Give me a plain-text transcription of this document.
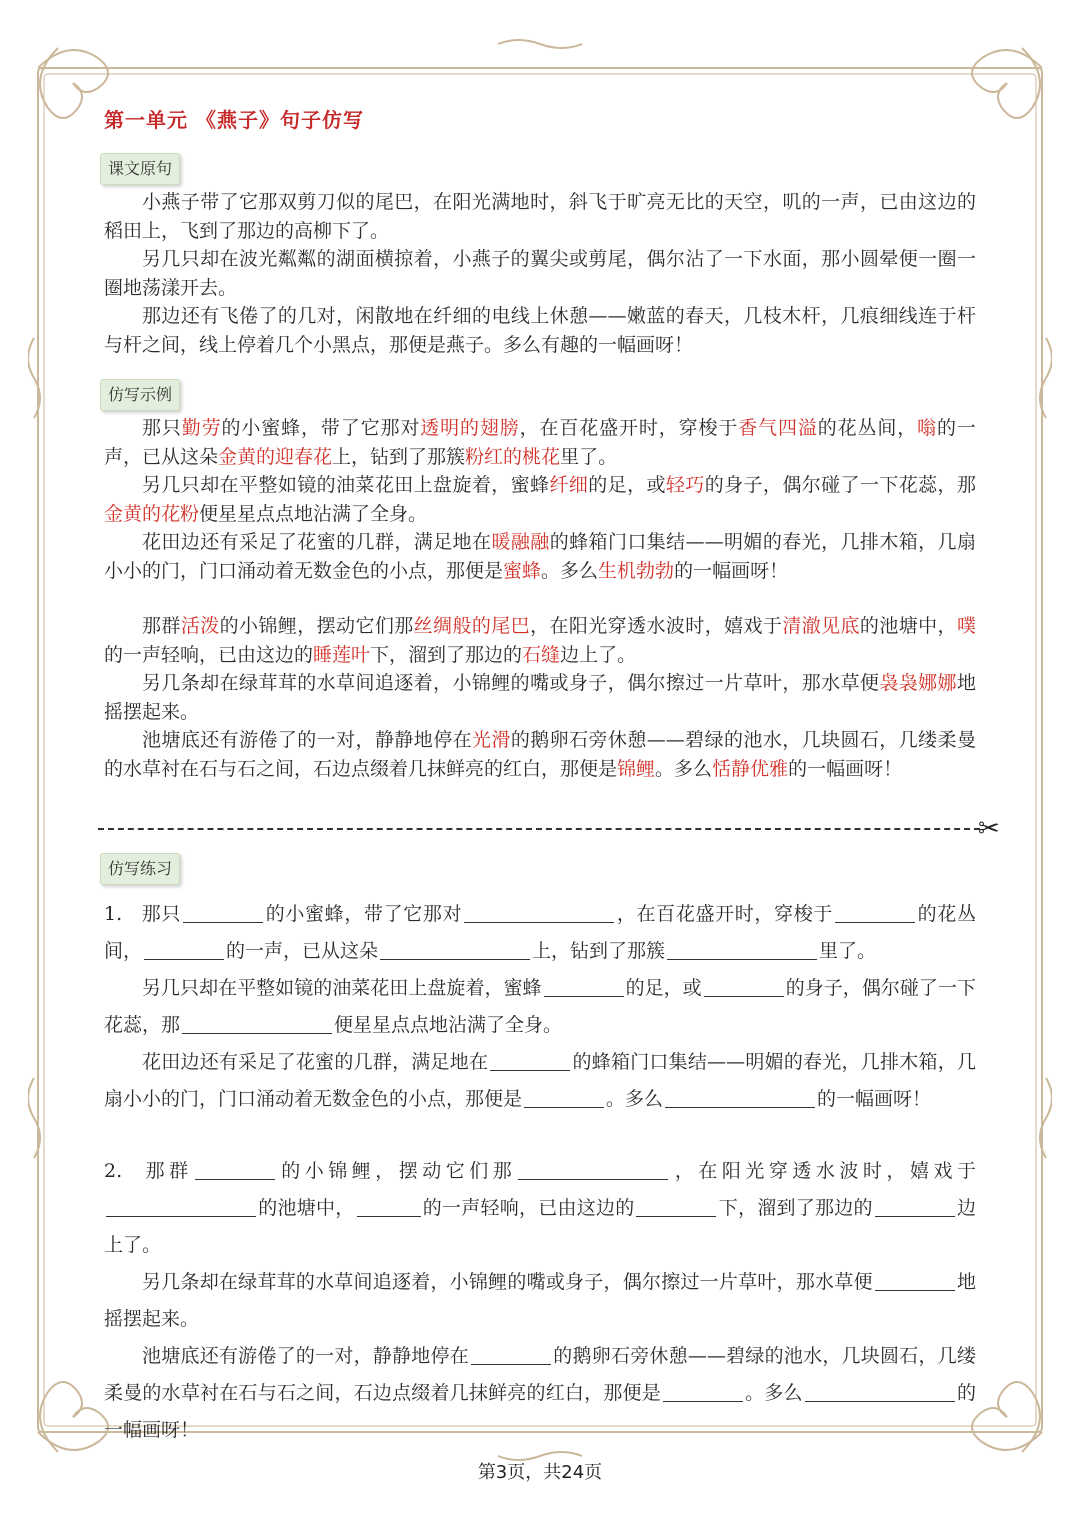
第一单元 《燕子》句子仿写
课文原句

小燕子带了它那双剪刀似的尾巴，在阳光满地时，斜飞于旷亮无比的天空，叽的一声，已由这边的稻田上，飞到了那边的高柳下了。

另几只却在波光粼粼的湖面横掠着，小燕子的翼尖或剪尾，偶尔沾了一下水面，那小圆晕便一圈一圈地荡漾开去。

那边还有飞倦了的几对，闲散地在纤细的电线上休憩——嫩蓝的春天，几枝木杆，几痕细线连于杆与杆之间，线上停着几个小黑点，那便是燕子。多么有趣的一幅画呀！

仿写示例

那只勤劳的小蜜蜂，带了它那对透明的翅膀，在百花盛开时，穿梭于香气四溢的花丛间，嗡的一声，已从这朵金黄的迎春花上，钻到了那簇粉红的桃花里了。

另几只却在平整如镜的油菜花田上盘旋着，蜜蜂纤细的足，或轻巧的身子，偶尔碰了一下花蕊，那金黄的花粉便星星点点地沾满了全身。

花田边还有采足了花蜜的几群，满足地在暖融融的蜂箱门口集结——明媚的春光，几排木箱，几扇小小的门，门口涌动着无数金色的小点，那便是蜜蜂。多么生机勃勃的一幅画呀！

那群活泼的小锦鲤，摆动它们那丝绸般的尾巴，在阳光穿透水波时，嬉戏于清澈见底的池塘中，噗的一声轻响，已由这边的睡莲叶下，溜到了那边的石缝边上了。

另几条却在绿茸茸的水草间追逐着，小锦鲤的嘴或身子，偶尔擦过一片草叶，那水草便袅袅娜娜地摇摆起来。

池塘底还有游倦了的一对，静静地停在光滑的鹅卵石旁休憩——碧绿的池水，几块圆石，几缕柔曼的水草衬在石与石之间，石边点缀着几抹鲜亮的红白，那便是锦鲤。多么恬静优雅的一幅画呀！

✂
仿写练习

1. 那只	的小蜜蜂，带了它那对	，在百花盛开时，穿梭于	的花丛间，	的一声，已从这朵	上，钻到了那簇	里了。

另几只却在平整如镜的油菜花田上盘旋着，蜜蜂	的足，或	的身子，偶尔碰了一下花蕊，那	便星星点点地沾满了全身。

花田边还有采足了花蜜的几群，满足地在	的蜂箱门口集结——明媚的春光，几排木箱，几扇小小的门，门口涌动着无数金色的小点，那便是	。多么	的一幅画呀！

2. 那群	的小锦鲤，摆动它们那	，在阳光穿透水波时，嬉戏于的池塘中，	的一声轻响，已由这边的	下，溜到了那边的	边上了。

另几条却在绿茸茸的水草间追逐着，小锦鲤的嘴或身子，偶尔擦过一片草叶，那水草便	地摇摆起来。

池塘底还有游倦了的一对，静静地停在	的鹅卵石旁休憩——碧绿的池水，几块圆石，几缕柔曼的水草衬在石与石之间，石边点缀着几抹鲜亮的红白，那便是	。多么	的一幅画呀！

第3页，共24页
